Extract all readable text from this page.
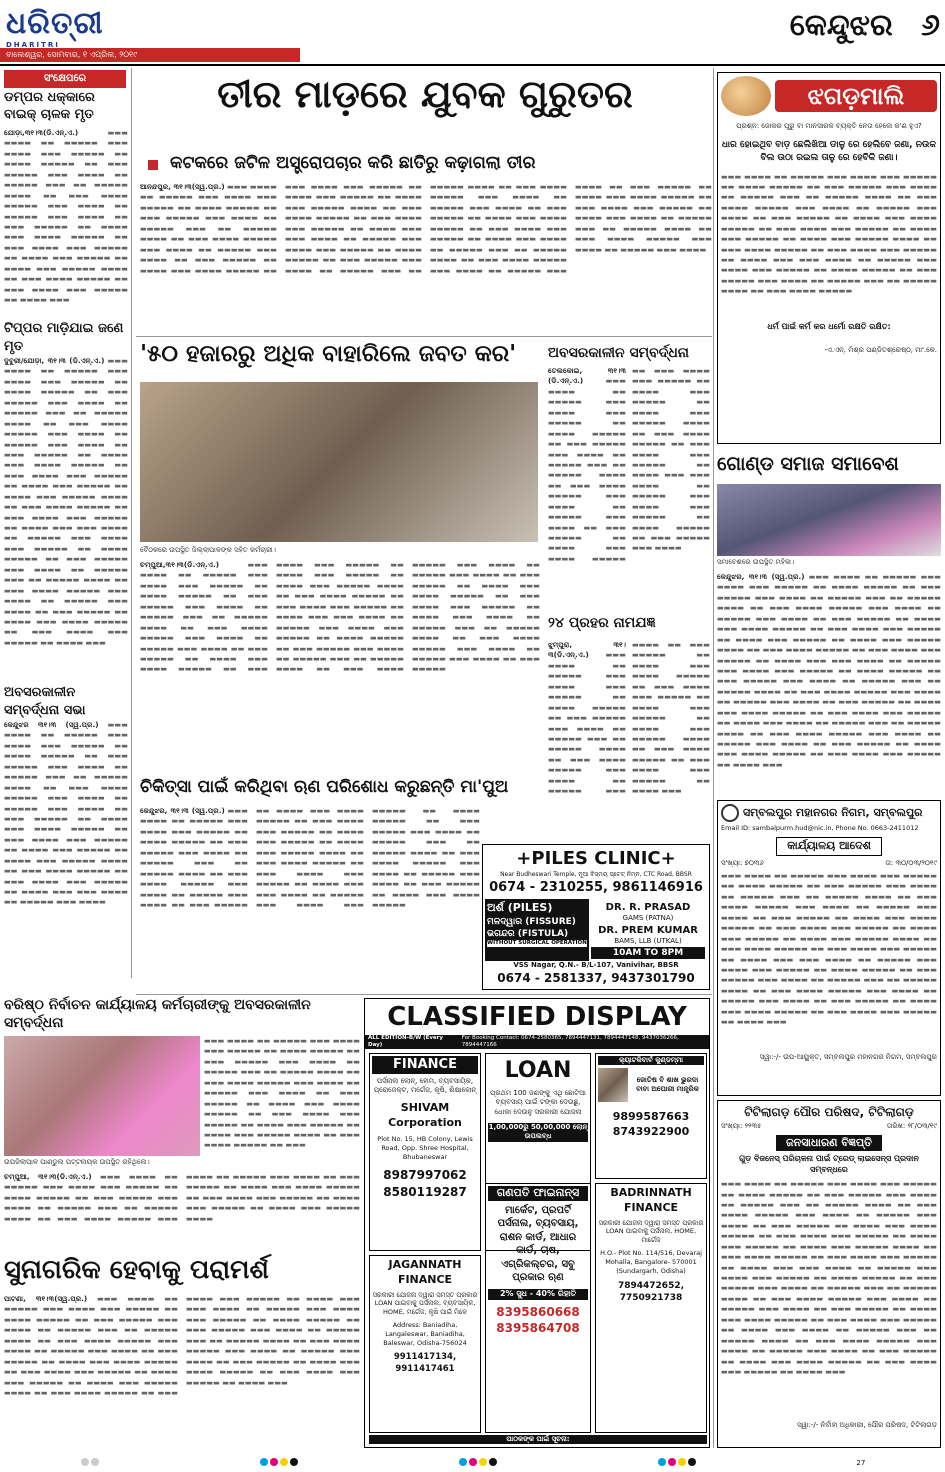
ଧରିତ୍ରୀ
DHARITRI
ବାଲେଶ୍ୱର, ସୋମବାର, ୧ ଏପ୍ରିଲ, ୨୦୧୯
କେନ୍ଦୁଝର ୬
ସଂକ୍ଷେପରେ
ଡମ୍ପର ଧକ୍କାରେ ବାଇକ୍ ଚାଳକ ମୃତ
ଯୋଡ଼ା,୩୧।୩(ଡି.ଏନ୍.ଏ.)	▬▬▬ ▬▬▬▬ ▬▬ ▬▬▬▬▬ ▬▬▬ ▬▬▬▬ ▬▬▬ ▬▬▬▬▬ ▬▬ ▬▬▬▬ ▬▬▬▬▬ ▬▬ ▬▬▬ ▬▬▬▬▬ ▬▬▬ ▬▬▬▬ ▬▬ ▬▬▬▬▬ ▬▬▬ ▬▬ ▬▬▬▬▬ ▬▬▬▬ ▬▬ ▬▬▬ ▬▬▬▬ ▬▬▬▬▬ ▬▬▬ ▬▬▬▬ ▬▬ ▬▬▬▬▬ ▬▬▬ ▬▬▬▬ ▬▬ ▬▬▬ ▬▬▬▬▬ ▬▬ ▬▬▬▬ ▬▬▬ ▬▬▬▬ ▬▬▬▬▬ ▬▬ ▬▬▬ ▬▬▬▬ ▬▬▬ ▬▬▬▬▬ ▬▬ ▬▬▬▬ ▬▬▬ ▬▬▬▬▬ ▬▬ ▬▬▬▬ ▬▬▬ ▬▬▬▬▬ ▬▬▬▬ ▬▬ ▬▬▬ ▬▬▬▬ ▬▬▬▬▬ ▬▬ ▬▬▬ ▬▬▬▬ ▬▬▬ ▬▬▬▬▬ ▬▬ ▬▬▬▬ ▬▬▬
ଟିପ୍ପର ମାଡ଼ିଯାଇ ଜଣେ ମୃତ
ଦୁବୁରୀ/ଯୋଡ଼ା, ୩୧।୩ (ଡି.ଏନ୍.ଏ.) ▬▬▬ ▬▬▬▬ ▬▬ ▬▬▬▬▬ ▬▬▬ ▬▬▬▬ ▬▬▬ ▬▬▬▬▬ ▬▬ ▬▬▬▬ ▬▬▬▬▬ ▬▬ ▬▬▬ ▬▬▬▬▬ ▬▬▬ ▬▬▬▬ ▬▬ ▬▬▬▬▬ ▬▬▬ ▬▬ ▬▬▬▬▬ ▬▬▬▬ ▬▬ ▬▬▬ ▬▬▬▬ ▬▬▬▬▬ ▬▬▬ ▬▬▬▬ ▬▬ ▬▬▬▬▬ ▬▬▬ ▬▬▬▬ ▬▬ ▬▬▬ ▬▬▬▬▬ ▬▬ ▬▬▬▬ ▬▬▬ ▬▬▬▬ ▬▬▬▬▬ ▬▬ ▬▬▬ ▬▬▬▬ ▬▬▬ ▬▬▬▬▬ ▬▬ ▬▬▬▬ ▬▬▬ ▬▬▬▬▬ ▬▬ ▬▬▬▬ ▬▬▬ ▬▬▬▬▬ ▬▬▬▬ ▬▬ ▬▬▬ ▬▬▬▬ ▬▬▬▬▬ ▬▬ ▬▬▬ ▬▬▬▬ ▬▬▬ ▬▬▬▬▬ ▬▬ ▬▬▬▬ ▬▬▬ ▬▬▬ ▬▬▬▬ ▬▬ ▬▬▬▬▬ ▬▬▬ ▬▬▬▬ ▬▬▬ ▬▬▬▬▬ ▬▬ ▬▬▬▬ ▬▬▬▬▬ ▬▬ ▬▬▬ ▬▬▬▬▬ ▬▬▬ ▬▬▬▬ ▬▬ ▬▬▬▬▬ ▬▬▬ ▬▬ ▬▬▬▬▬ ▬▬▬▬ ▬▬ ▬▬▬ ▬▬▬▬ ▬▬▬▬▬ ▬▬▬ ▬▬▬▬ ▬▬ ▬▬▬▬▬ ▬▬▬ ▬▬▬▬ ▬▬ ▬▬▬ ▬▬▬▬▬ ▬▬ ▬▬▬▬ ▬▬▬ ▬▬▬▬ ▬▬▬▬▬ ▬▬ ▬▬▬ ▬▬▬▬ ▬▬▬ ▬▬▬▬▬ ▬▬ ▬▬▬▬ ▬▬▬
ଅବସରକାଳୀନ ସମ୍ବର୍ଦ୍ଧନା ସଭା
କେନ୍ଦୁଝର ୩୧।୩ (ସ୍ୱ.ପ୍ର.) ▬▬▬ ▬▬▬▬ ▬▬ ▬▬▬▬▬ ▬▬▬ ▬▬▬▬ ▬▬▬ ▬▬▬▬▬ ▬▬ ▬▬▬▬ ▬▬▬▬▬ ▬▬ ▬▬▬ ▬▬▬▬▬ ▬▬▬ ▬▬▬▬ ▬▬ ▬▬▬▬▬ ▬▬▬ ▬▬ ▬▬▬▬▬ ▬▬▬▬ ▬▬ ▬▬▬ ▬▬▬▬ ▬▬▬▬▬ ▬▬▬ ▬▬▬▬ ▬▬ ▬▬▬▬▬ ▬▬▬ ▬▬▬▬ ▬▬ ▬▬▬ ▬▬▬▬▬ ▬▬ ▬▬▬▬ ▬▬▬ ▬▬▬▬ ▬▬▬▬▬ ▬▬ ▬▬▬ ▬▬▬▬ ▬▬▬ ▬▬▬▬▬ ▬▬ ▬▬▬▬ ▬▬▬ ▬▬▬▬▬ ▬▬ ▬▬▬▬ ▬▬▬ ▬▬▬▬▬ ▬▬▬▬ ▬▬ ▬▬▬ ▬▬▬▬ ▬▬▬▬▬ ▬▬ ▬▬▬ ▬▬▬▬ ▬▬▬ ▬▬▬▬▬ ▬▬ ▬▬▬▬ ▬▬▬ ▬▬▬ ▬▬▬▬ ▬▬ ▬▬▬▬▬ ▬▬▬ ▬▬▬▬
ତୀର ମାଡ଼ରେ ଯୁବକ ଗୁରୁତର
କଟକରେ ଜଟିଳ ଅସ୍ତ୍ରୋପଚାର କରି ଛାତିରୁ କଢ଼ାଗଲା ତୀର
ଆନନ୍ଦପୁର, ୩୧।୩(ସ୍ୱ.ପ୍ର.) ▬▬▬ ▬▬▬▬ ▬▬ ▬▬▬▬▬ ▬▬▬ ▬▬▬▬ ▬▬▬ ▬▬▬▬▬ ▬▬ ▬▬▬▬ ▬▬▬▬▬ ▬▬ ▬▬▬ ▬▬▬▬▬ ▬▬▬ ▬▬▬▬ ▬▬ ▬▬▬▬▬ ▬▬▬ ▬▬ ▬▬▬▬▬ ▬▬▬▬ ▬▬ ▬▬▬ ▬▬▬▬ ▬▬▬▬▬ ▬▬▬ ▬▬▬▬ ▬▬ ▬▬▬▬▬ ▬▬▬ ▬▬▬▬ ▬▬ ▬▬▬ ▬▬▬▬▬ ▬▬ ▬▬▬▬ ▬▬▬ ▬▬▬▬ ▬▬▬▬▬ ▬▬ ▬▬▬ ▬▬▬▬ ▬▬▬ ▬▬▬▬▬ ▬▬ ▬▬▬▬ ▬▬▬ ▬▬▬▬▬ ▬▬ ▬▬▬▬ ▬▬▬ ▬▬▬▬▬ ▬▬▬▬ ▬▬ ▬▬▬ ▬▬▬▬ ▬▬▬▬▬ ▬▬ ▬▬▬ ▬▬▬▬ ▬▬▬ ▬▬▬▬▬ ▬▬ ▬▬▬▬ ▬▬▬ ▬▬▬ ▬▬▬▬ ▬▬ ▬▬▬▬▬ ▬▬▬ ▬▬▬▬ ▬▬▬ ▬▬▬▬▬ ▬▬ ▬▬▬▬ ▬▬▬▬▬ ▬▬ ▬▬▬ ▬▬▬▬▬ ▬▬▬ ▬▬▬▬ ▬▬ ▬▬▬▬▬ ▬▬▬ ▬▬ ▬▬▬▬▬ ▬▬▬▬ ▬▬ ▬▬▬ ▬▬▬▬ ▬▬▬▬▬ ▬▬▬ ▬▬▬▬ ▬▬ ▬▬▬▬▬ ▬▬▬ ▬▬▬▬ ▬▬ ▬▬▬ ▬▬▬▬▬ ▬▬ ▬▬▬▬ ▬▬▬ ▬▬▬▬ ▬▬▬▬▬ ▬▬ ▬▬▬ ▬▬▬▬ ▬▬▬ ▬▬▬▬▬ ▬▬ ▬▬▬▬ ▬▬▬ ▬▬▬▬ ▬▬ ▬▬▬▬▬ ▬▬▬ ▬▬ ▬▬▬▬▬ ▬▬▬▬ ▬▬ ▬▬▬ ▬▬▬▬ ▬▬▬▬▬ ▬▬▬ ▬▬▬▬ ▬▬ ▬▬▬▬▬ ▬▬▬ ▬▬▬▬ ▬▬ ▬▬▬ ▬▬▬▬▬ ▬▬ ▬▬▬▬ ▬▬▬ ▬▬▬▬ ▬▬▬▬▬ ▬▬ ▬▬▬ ▬▬▬▬ ▬▬▬ ▬▬▬▬▬ ▬▬ ▬▬▬▬ ▬▬▬ ▬▬▬▬ ▬▬ ▬▬▬▬▬ ▬▬▬ ▬▬ ▬▬▬▬▬ ▬▬▬▬ ▬▬ ▬▬▬ ▬▬▬▬ ▬▬▬▬▬ ▬▬▬ ▬▬▬▬ ▬▬ ▬▬▬▬▬ ▬▬▬ ▬▬▬▬
'୫୦ ହଜାରରୁ ଅଧିକ ବାହାରିଲେ ଜବତ କର'
ବୈଠକରେ ଉପସ୍ଥିତ ଜିଲ୍ଲାପାଳଙ୍କ ସହିତ କର୍ମଚାରୀ।
ଚମ୍ପୁଆ,୩୧।୩(ଡି.ଏନ୍.ଏ.)	▬▬▬ ▬▬▬▬ ▬▬ ▬▬▬▬▬ ▬▬▬ ▬▬▬▬ ▬▬▬ ▬▬▬▬▬ ▬▬ ▬▬▬▬ ▬▬▬▬▬ ▬▬ ▬▬▬ ▬▬▬▬▬ ▬▬▬ ▬▬▬▬ ▬▬ ▬▬▬▬▬ ▬▬▬ ▬▬ ▬▬▬▬▬ ▬▬▬▬ ▬▬ ▬▬▬ ▬▬▬▬ ▬▬▬▬▬ ▬▬▬ ▬▬▬▬ ▬▬ ▬▬▬▬▬ ▬▬▬ ▬▬▬▬ ▬▬ ▬▬▬ ▬▬▬▬▬ ▬▬ ▬▬▬▬ ▬▬▬ ▬▬▬▬ ▬▬▬▬▬ ▬▬ ▬▬▬ ▬▬▬▬ ▬▬▬ ▬▬▬▬▬ ▬▬ ▬▬▬▬ ▬▬▬ ▬▬▬▬▬ ▬▬ ▬▬▬▬ ▬▬▬ ▬▬▬▬▬ ▬▬▬▬ ▬▬ ▬▬▬ ▬▬▬▬ ▬▬▬▬▬ ▬▬ ▬▬▬ ▬▬▬▬ ▬▬▬ ▬▬▬▬▬ ▬▬ ▬▬▬▬ ▬▬▬ ▬▬▬ ▬▬▬▬ ▬▬ ▬▬▬▬▬ ▬▬▬ ▬▬▬▬ ▬▬▬ ▬▬▬▬▬ ▬▬ ▬▬▬▬ ▬▬▬▬▬ ▬▬ ▬▬▬ ▬▬▬▬▬ ▬▬▬ ▬▬▬▬ ▬▬ ▬▬▬▬▬ ▬▬▬ ▬▬ ▬▬▬▬▬ ▬▬▬▬ ▬▬ ▬▬▬ ▬▬▬▬ ▬▬▬▬▬ ▬▬▬ ▬▬▬▬ ▬▬ ▬▬▬▬▬ ▬▬▬ ▬▬▬▬ ▬▬ ▬▬▬ ▬▬▬▬▬ ▬▬ ▬▬▬▬ ▬▬▬ ▬▬▬▬ ▬▬▬▬▬ ▬▬ ▬▬▬ ▬▬▬▬ ▬▬▬ ▬▬▬▬▬ ▬▬ ▬▬▬▬ ▬▬▬ ▬▬▬▬ ▬▬ ▬▬▬▬▬ ▬▬▬ ▬▬ ▬▬▬▬▬ ▬▬▬▬ ▬▬ ▬▬▬ ▬▬▬▬ ▬▬▬▬▬ ▬▬▬ ▬▬▬▬ ▬▬ ▬▬▬▬▬ ▬▬▬ ▬▬▬▬ ▬▬ ▬▬▬ ▬▬▬▬▬
ଅବସରକାଳୀନ ସମ୍ବର୍ଦ୍ଧନା
ତେଲକୋଇ, ୩୧।୩ (ଡି.ଏନ୍.ଏ.)	▬▬▬ ▬▬▬▬ ▬▬ ▬▬▬▬▬ ▬▬▬ ▬▬▬▬ ▬▬▬ ▬▬▬▬▬ ▬▬ ▬▬▬▬ ▬▬▬▬▬ ▬▬ ▬▬▬ ▬▬▬▬▬ ▬▬▬ ▬▬▬▬ ▬▬ ▬▬▬▬▬ ▬▬▬ ▬▬ ▬▬▬▬▬ ▬▬▬▬ ▬▬ ▬▬▬ ▬▬▬▬ ▬▬▬▬▬ ▬▬▬ ▬▬▬▬ ▬▬ ▬▬▬▬▬ ▬▬▬ ▬▬▬▬ ▬▬ ▬▬▬ ▬▬▬▬▬ ▬▬ ▬▬▬▬ ▬▬▬ ▬▬▬▬ ▬▬▬▬▬ ▬▬ ▬▬▬ ▬▬▬▬ ▬▬▬ ▬▬▬▬▬ ▬▬ ▬▬▬▬ ▬▬▬ ▬▬▬▬▬ ▬▬ ▬▬▬▬ ▬▬▬ ▬▬▬▬▬ ▬▬▬▬ ▬▬ ▬▬▬ ▬▬▬▬ ▬▬▬▬▬ ▬▬ ▬▬▬ ▬▬▬▬ ▬▬▬ ▬▬▬▬▬ ▬▬ ▬▬▬▬ ▬▬▬ ▬▬▬ ▬▬▬▬ ▬▬ ▬▬▬▬▬ ▬▬▬ ▬▬▬▬ ▬▬▬ ▬▬▬▬▬ ▬▬ ▬▬▬▬ ▬▬▬▬▬ ▬▬ ▬▬▬ ▬▬▬▬▬ ▬▬▬ ▬▬▬▬
୨୪ ପ୍ରହର ନାମଯଜ୍ଞ
ଝୁମ୍ପୁରା, ୩୧।୩(ଡି.ଏନ୍.ଏ.) ▬▬▬ ▬▬▬▬ ▬▬ ▬▬▬▬▬ ▬▬▬ ▬▬▬▬ ▬▬▬ ▬▬▬▬▬ ▬▬ ▬▬▬▬ ▬▬▬▬▬ ▬▬ ▬▬▬ ▬▬▬▬▬ ▬▬▬ ▬▬▬▬ ▬▬ ▬▬▬▬▬ ▬▬▬ ▬▬ ▬▬▬▬▬ ▬▬▬▬ ▬▬ ▬▬▬ ▬▬▬▬ ▬▬▬▬▬ ▬▬▬ ▬▬▬▬ ▬▬ ▬▬▬▬▬ ▬▬▬ ▬▬▬▬ ▬▬ ▬▬▬ ▬▬▬▬▬ ▬▬ ▬▬▬▬ ▬▬▬ ▬▬▬▬ ▬▬▬▬▬ ▬▬ ▬▬▬ ▬▬▬▬ ▬▬▬ ▬▬▬▬▬ ▬▬ ▬▬▬▬ ▬▬▬ ▬▬▬▬▬ ▬▬ ▬▬▬▬ ▬▬▬ ▬▬▬▬▬ ▬▬▬▬ ▬▬ ▬▬▬ ▬▬▬▬ ▬▬▬▬▬ ▬▬ ▬▬▬ ▬▬▬▬ ▬▬▬ ▬▬▬▬▬ ▬▬ ▬▬▬▬ ▬▬▬
ଚିକିତ୍ସା ପାଇଁ କରିଥିବା ଋଣ ପରିଶୋଧ କରୁଛନ୍ତି ମା'ପୁଅ
କେନ୍ଦୁଝର, ୩୧।୩ (ସ୍ୱ.ପ୍ର.) ▬▬▬ ▬▬▬▬ ▬▬ ▬▬▬▬▬ ▬▬▬ ▬▬▬▬ ▬▬▬ ▬▬▬▬▬ ▬▬ ▬▬▬▬ ▬▬▬▬▬ ▬▬ ▬▬▬ ▬▬▬▬▬ ▬▬▬ ▬▬▬▬ ▬▬ ▬▬▬▬▬ ▬▬▬ ▬▬ ▬▬▬▬▬ ▬▬▬▬ ▬▬ ▬▬▬ ▬▬▬▬ ▬▬▬▬▬ ▬▬▬ ▬▬▬▬ ▬▬ ▬▬▬▬▬ ▬▬▬ ▬▬▬▬ ▬▬ ▬▬▬ ▬▬▬▬▬ ▬▬ ▬▬▬▬ ▬▬▬ ▬▬▬▬ ▬▬▬▬▬ ▬▬ ▬▬▬ ▬▬▬▬ ▬▬▬ ▬▬▬▬▬ ▬▬ ▬▬▬▬ ▬▬▬ ▬▬▬▬▬ ▬▬ ▬▬▬▬ ▬▬▬ ▬▬▬▬▬ ▬▬▬▬ ▬▬ ▬▬▬ ▬▬▬▬ ▬▬▬▬▬ ▬▬ ▬▬▬ ▬▬▬▬ ▬▬▬ ▬▬▬▬▬ ▬▬ ▬▬▬▬ ▬▬▬ ▬▬▬ ▬▬▬▬ ▬▬ ▬▬▬▬▬ ▬▬▬ ▬▬▬▬ ▬▬▬ ▬▬▬▬▬ ▬▬ ▬▬▬▬ ▬▬▬▬▬ ▬▬ ▬▬▬ ▬▬▬▬▬ ▬▬▬ ▬▬▬▬ ▬▬ ▬▬▬▬▬ ▬▬▬ ▬▬ ▬▬▬▬▬ ▬▬▬▬ ▬▬ ▬▬▬ ▬▬▬▬ ▬▬▬▬▬ ▬▬▬ ▬▬▬▬ ▬▬ ▬▬▬▬▬ ▬▬▬ ▬▬▬▬ ▬▬ ▬▬▬ ▬▬▬▬▬ ▬▬ ▬▬▬▬ ▬▬▬ ▬▬▬▬ ▬▬▬▬▬
+PILES CLINIC+
Near Budheswari Temple, ନୂଆ ବିସ୍ମୟ ସ୍ଟେଟ୍ ନିମ୍ନ, CTC Road, BBSR
0674 - 2310255, 9861146916
ଅର୍ଶ (PILES)
ମଳଦ୍ୱାର (FISSURE)
ଭଗନ୍ଦର (FISTULA)
WITHOUT SURGICAL OPERATION
DR. R. PRASAD
GAMS (PATNA)
DR. PREM KUMAR
BAMS, LLB (UTKAL)
10AM TO 8PM
VSS Nagar, Q.N.- B/L-107, Vanivihar, BBSR
0674 - 2581337, 9437301790
ବରିଷ୍ଠ ନିର୍ବାଚନ କାର୍ଯ୍ୟାଳୟ କର୍ମଚାରୀଙ୍କୁ ଅବସରକାଳୀନ ସମ୍ବର୍ଦ୍ଧନା
ଉପଜିଲାପାଳ ପାଣ୍ଡୁଲ ପଟ୍ଟନାୟକ ଉପସ୍ଥିତ ରହିଥିଲେ।
▬▬▬ ▬▬▬▬ ▬▬ ▬▬▬▬▬ ▬▬▬ ▬▬▬▬ ▬▬▬ ▬▬▬▬▬ ▬▬ ▬▬▬▬ ▬▬▬▬▬ ▬▬ ▬▬▬ ▬▬▬▬▬ ▬▬▬ ▬▬▬▬ ▬▬ ▬▬▬▬▬ ▬▬▬ ▬▬ ▬▬▬▬▬ ▬▬▬▬ ▬▬ ▬▬▬ ▬▬▬▬ ▬▬▬▬▬ ▬▬▬ ▬▬▬▬ ▬▬ ▬▬▬▬▬ ▬▬▬ ▬▬▬▬ ▬▬ ▬▬▬ ▬▬▬▬▬ ▬▬ ▬▬▬▬ ▬▬▬ ▬▬▬▬ ▬▬▬▬▬ ▬▬ ▬▬▬ ▬▬▬▬ ▬▬▬ ▬▬▬▬▬ ▬▬ ▬▬▬▬ ▬▬▬ ▬▬▬▬▬ ▬▬ ▬▬▬▬ ▬▬▬ ▬▬▬▬▬ ▬▬▬▬ ▬▬ ▬▬▬ ▬▬▬▬ ▬▬▬▬▬ ▬▬ ▬▬▬
ଚମ୍ପୁଆ, ୩୧।୩(ଡି.ଏନ୍.ଏ.) ▬▬▬ ▬▬▬▬ ▬▬ ▬▬▬▬▬ ▬▬▬ ▬▬▬▬ ▬▬▬ ▬▬▬▬▬ ▬▬ ▬▬▬▬ ▬▬▬▬▬ ▬▬ ▬▬▬ ▬▬▬▬▬ ▬▬▬ ▬▬▬▬ ▬▬ ▬▬▬▬▬ ▬▬▬ ▬▬ ▬▬▬▬▬ ▬▬▬▬ ▬▬ ▬▬▬ ▬▬▬▬ ▬▬▬▬▬ ▬▬▬ ▬▬▬▬ ▬▬ ▬▬▬▬▬ ▬▬▬ ▬▬▬▬ ▬▬ ▬▬▬ ▬▬▬▬▬ ▬▬ ▬▬▬▬ ▬▬▬ ▬▬▬▬ ▬▬▬▬▬ ▬▬ ▬▬▬ ▬▬▬▬ ▬▬▬ ▬▬▬▬▬ ▬▬ ▬▬▬▬ ▬▬▬ ▬▬▬▬▬ ▬▬ ▬▬▬▬ ▬▬▬ ▬▬▬▬▬ ▬▬▬▬
ସୁନାଗରିକ ହେବାକୁ ପରାମର୍ଶ
ପାଟଣା, ୩୧।୩(ସ୍ୱ.ପ୍ର.) ▬▬▬ ▬▬▬▬ ▬▬ ▬▬▬▬▬ ▬▬▬ ▬▬▬▬ ▬▬▬ ▬▬▬▬▬ ▬▬ ▬▬▬▬ ▬▬▬▬▬ ▬▬ ▬▬▬ ▬▬▬▬▬ ▬▬▬ ▬▬▬▬ ▬▬ ▬▬▬▬▬ ▬▬▬ ▬▬ ▬▬▬▬▬ ▬▬▬▬ ▬▬ ▬▬▬ ▬▬▬▬ ▬▬▬▬▬ ▬▬▬ ▬▬▬▬ ▬▬ ▬▬▬▬▬ ▬▬▬ ▬▬▬▬ ▬▬ ▬▬▬ ▬▬▬▬▬ ▬▬ ▬▬▬▬ ▬▬▬ ▬▬▬▬ ▬▬▬▬▬ ▬▬ ▬▬▬ ▬▬▬▬ ▬▬▬ ▬▬▬▬▬ ▬▬ ▬▬▬▬ ▬▬▬ ▬▬▬▬▬ ▬▬ ▬▬▬▬ ▬▬▬ ▬▬▬▬▬ ▬▬▬▬ ▬▬ ▬▬▬ ▬▬▬▬ ▬▬▬▬▬ ▬▬ ▬▬▬ ▬▬▬▬ ▬▬▬ ▬▬▬▬▬ ▬▬ ▬▬▬▬ ▬▬▬ ▬▬▬ ▬▬▬▬ ▬▬ ▬▬▬▬▬ ▬▬▬ ▬▬▬▬ ▬▬▬ ▬▬▬▬▬ ▬▬ ▬▬▬▬ ▬▬▬▬▬ ▬▬ ▬▬▬ ▬▬▬▬▬ ▬▬▬ ▬▬▬▬ ▬▬ ▬▬▬▬▬ ▬▬▬ ▬▬ ▬▬▬▬▬ ▬▬▬▬ ▬▬ ▬▬▬ ▬▬▬▬ ▬▬▬▬▬ ▬▬▬ ▬▬▬▬ ▬▬ ▬▬▬▬▬ ▬▬▬ ▬▬▬▬ ▬▬ ▬▬▬ ▬▬▬▬▬ ▬▬ ▬▬▬▬ ▬▬▬ ▬▬▬▬ ▬▬▬▬▬ ▬▬ ▬▬▬ ▬▬▬▬ ▬▬▬ ▬▬▬▬▬ ▬▬ ▬▬▬▬ ▬▬▬
CLASSIFIED DISPLAY
ALL EDITION-B/W (Every Day)
For Booking Contact: 0674-2580365, 7894447131, 7894447148, 9437036266, 7894447166
FINANCE
ପର୍ସନାଲ ଲୋନ୍, ହୋମ, ବ୍ୟବସାୟିକ, ପ୍ରୋଜେକ୍ଟ, ମର୍ଗେଜ, କୃଷି, ଶିକ୍ଷାଲୋନ୍
SHIVAM Corporation
Plot No. 15, HB Colony, Lewis Road, Opp. Shree Hospital, Bhubaneswar
8987997062 8580119287
LOAN
ପ୍ରଥମ 100 ଜଣଙ୍କୁ ଏଥି ଛୋଟିଆ ବ୍ୟବସାୟ ପାଇଁ ଟଙ୍କା ଦେଉଛୁ, ଧୋକା ଦେଉନୁ ସରକାରୀ ଯୋଜନା
1,00,000ରୁ 50,00,000 ଲୋନ୍ ଉପଲବ୍ଧ
କ୍ୟାଟକିବାର୍ବ କୁଣ୍ଡମ୍ମା
ଜୋତିଷ ବି ଶାଖ ଭୁରଦା ବାବା ଅଘୋରୀ ମାନ୍ତ୍ରିକ
9899587663 8743922900
JAGANNATH FINANCE
ସରକାରୀ ଯୋଜନା ଦ୍ୱାରା ସମସ୍ତ ପ୍ରକାର LOAN ପାଇବାକୁ ପର୍ସନାଲ, ବ୍ୟବସାୟିକ, HOME, ମର୍ଗେଜ, କୃଷି ପାଇଁ ମିଳେ
Address: Baniadiha, Langaleswar, Baniadiha, Baleswar, Odisha-756024
9911417134, 9911417461
ଗଣପତି ଫାଇନାନ୍ସ
ମାର୍କେଟ, ପ୍ରପର୍ଟି ପର୍ସନାଲ, ବ୍ୟବସାୟ, ରାଶନ କାର୍ଡ, ଆଧାର କାର୍ଡ, ଚାଷ, ଏଗ୍ରିକଲ୍ଚର, ସବୁ ପ୍ରକାର ଋଣ
2% ସୁଧ - 40% ରିହାତି
8395860668 8395864708
BADRINNATH FINANCE
ସରକାରୀ ଯୋଜନା ଦ୍ୱାରା ସମସ୍ତ ପ୍ରକାର LOAN ପାଇବାକୁ ପର୍ସନାଲ, HOME, ମାର୍ଗେଜ
H.O.- Plot No. 114/516, Devaraj Mohalla, Bangalore- 570001 (Sundargarh, Odisha)
7894472652, 7750921738
ପାଠକଙ୍କ ପାଇଁ ସୂଚନା:
ଝଗଡ଼ମାଲି
ପ୍ରଶ୍ନ: ଜୋକର ପୂରୁ ବା ମାନସାରକ ବ୍ୟକ୍ତି ନେତା ହେଲେ କ'ଣ ହୁଏ?
ଧାର ହୋଇଥିବ ବାଡ଼ ଛେଲିଖିଆ ଡାଳୁ ରେ ହେଲିବେ ଜଣା, ନଉକ ବିଲ ଉଠା ରଇଲ ତାଳୁ ରେ ହେବିକି ଜଣା।
▬▬▬ ▬▬▬▬ ▬▬ ▬▬▬▬▬ ▬▬▬ ▬▬▬▬ ▬▬▬ ▬▬▬▬▬ ▬▬ ▬▬▬▬ ▬▬▬▬▬ ▬▬ ▬▬▬ ▬▬▬▬▬ ▬▬▬ ▬▬▬▬ ▬▬ ▬▬▬▬▬ ▬▬▬ ▬▬ ▬▬▬▬▬ ▬▬▬▬ ▬▬ ▬▬▬ ▬▬▬▬ ▬▬▬▬▬ ▬▬▬ ▬▬▬▬ ▬▬ ▬▬▬▬▬ ▬▬▬ ▬▬▬▬ ▬▬ ▬▬▬ ▬▬▬▬▬ ▬▬ ▬▬▬▬ ▬▬▬ ▬▬▬▬ ▬▬▬▬▬ ▬▬ ▬▬▬ ▬▬▬▬ ▬▬▬ ▬▬▬▬▬ ▬▬ ▬▬▬▬ ▬▬▬ ▬▬▬▬▬ ▬▬ ▬▬▬▬ ▬▬▬ ▬▬▬▬▬ ▬▬▬▬ ▬▬ ▬▬▬ ▬▬▬▬ ▬▬▬▬▬ ▬▬ ▬▬▬ ▬▬▬▬ ▬▬▬ ▬▬▬▬▬ ▬▬ ▬▬▬▬ ▬▬▬ ▬▬▬ ▬▬▬▬ ▬▬ ▬▬▬▬▬ ▬▬▬ ▬▬▬▬ ▬▬▬ ▬▬▬▬▬ ▬▬ ▬▬▬▬ ▬▬▬▬▬ ▬▬ ▬▬▬ ▬▬▬▬▬ ▬▬▬ ▬▬▬▬ ▬▬ ▬▬▬▬▬ ▬▬▬ ▬▬ ▬▬▬▬▬ ▬▬▬▬ ▬▬ ▬▬▬ ▬▬▬▬ ▬▬▬▬▬
ଧର୍ମ ପାଇଁ କର୍ମ କର ଧର୍ମୋ ରକ୍ଷତି ରକ୍ଷିତ:
-ଏ.ଏନ୍. ମିଶ୍ର ପଣ୍ଡିତଶ୍ରେଷ୍ଠ, ମାଂ.କେ.
ଗୋଣ୍ଡ ସମାଜ ସମାବେଶ
ସମାବେଶରେ ଉପସ୍ଥିତ ମହିଳା।
କେନ୍ଦୁଝର, ୩୧।୩ (ସ୍ୱ.ପ୍ର.) ▬▬▬ ▬▬▬▬ ▬▬ ▬▬▬▬▬ ▬▬▬ ▬▬▬▬ ▬▬▬ ▬▬▬▬▬ ▬▬ ▬▬▬▬ ▬▬▬▬▬ ▬▬ ▬▬▬ ▬▬▬▬▬ ▬▬▬ ▬▬▬▬ ▬▬ ▬▬▬▬▬ ▬▬▬ ▬▬ ▬▬▬▬▬ ▬▬▬▬ ▬▬ ▬▬▬ ▬▬▬▬ ▬▬▬▬▬ ▬▬▬ ▬▬▬▬ ▬▬ ▬▬▬▬▬ ▬▬▬ ▬▬▬▬ ▬▬ ▬▬▬ ▬▬▬▬▬ ▬▬ ▬▬▬▬ ▬▬▬ ▬▬▬▬ ▬▬▬▬▬ ▬▬ ▬▬▬ ▬▬▬▬ ▬▬▬ ▬▬▬▬▬ ▬▬ ▬▬▬▬ ▬▬▬ ▬▬▬▬▬ ▬▬ ▬▬▬▬ ▬▬▬ ▬▬▬▬▬ ▬▬▬▬ ▬▬ ▬▬▬ ▬▬▬▬ ▬▬▬▬▬ ▬▬ ▬▬▬ ▬▬▬▬ ▬▬▬ ▬▬▬▬▬ ▬▬ ▬▬▬▬ ▬▬▬ ▬▬▬ ▬▬▬▬ ▬▬ ▬▬▬▬▬ ▬▬▬ ▬▬▬▬ ▬▬▬ ▬▬▬▬▬ ▬▬ ▬▬▬▬ ▬▬▬▬▬ ▬▬ ▬▬▬ ▬▬▬▬▬ ▬▬▬ ▬▬▬▬ ▬▬ ▬▬▬▬▬ ▬▬▬ ▬▬ ▬▬▬▬▬ ▬▬▬▬ ▬▬ ▬▬▬ ▬▬▬▬ ▬▬▬▬▬ ▬▬▬ ▬▬▬▬ ▬▬ ▬▬▬▬▬ ▬▬▬ ▬▬▬▬ ▬▬ ▬▬▬ ▬▬▬▬▬ ▬▬ ▬▬▬▬ ▬▬▬ ▬▬▬▬ ▬▬▬▬▬ ▬▬ ▬▬▬ ▬▬▬▬ ▬▬▬ ▬▬▬▬▬ ▬▬ ▬▬▬▬ ▬▬▬ ▬▬▬▬ ▬▬ ▬▬▬▬▬ ▬▬▬ ▬▬ ▬▬▬▬▬ ▬▬▬▬ ▬▬ ▬▬▬ ▬▬▬▬ ▬▬▬▬▬ ▬▬▬ ▬▬▬▬ ▬▬ ▬▬▬▬▬ ▬▬▬ ▬▬▬▬ ▬▬ ▬▬▬ ▬▬▬▬▬ ▬▬ ▬▬▬▬ ▬▬▬ ▬▬▬▬ ▬▬▬▬▬ ▬▬ ▬▬▬ ▬▬▬▬ ▬▬▬ ▬▬▬▬▬ ▬▬ ▬▬▬▬ ▬▬▬
ସମ୍ବଲପୁର ମହାନଗର ନିଗମ, ସମ୍ବଲପୁର
Email ID: sambalpurm.hud@nic.in, Phone No. 0663-2411012
କାର୍ଯ୍ୟାଳୟ ଆଦେଶ
ସଂଖ୍ୟା: ୭୦୩୬	ତା: ୩୦/୦୩/୨୦୧୯
▬▬▬ ▬▬▬▬ ▬▬ ▬▬▬▬▬ ▬▬▬ ▬▬▬▬ ▬▬▬ ▬▬▬▬▬ ▬▬ ▬▬▬▬ ▬▬▬▬▬ ▬▬ ▬▬▬ ▬▬▬▬▬ ▬▬▬ ▬▬▬▬ ▬▬ ▬▬▬▬▬ ▬▬▬ ▬▬ ▬▬▬▬▬ ▬▬▬▬ ▬▬ ▬▬▬ ▬▬▬▬ ▬▬▬▬▬ ▬▬▬ ▬▬▬▬ ▬▬ ▬▬▬▬▬ ▬▬▬ ▬▬▬▬ ▬▬ ▬▬▬ ▬▬▬▬▬ ▬▬ ▬▬▬▬ ▬▬▬ ▬▬▬▬ ▬▬▬▬▬ ▬▬ ▬▬▬ ▬▬▬▬ ▬▬▬ ▬▬▬▬▬ ▬▬ ▬▬▬▬ ▬▬▬ ▬▬▬▬▬ ▬▬ ▬▬▬▬ ▬▬▬ ▬▬▬▬▬ ▬▬▬▬ ▬▬ ▬▬▬ ▬▬▬▬ ▬▬▬▬▬ ▬▬ ▬▬▬ ▬▬▬▬ ▬▬▬ ▬▬▬▬▬ ▬▬ ▬▬▬▬ ▬▬▬ ▬▬▬ ▬▬▬▬ ▬▬ ▬▬▬▬▬ ▬▬▬ ▬▬▬▬ ▬▬▬ ▬▬▬▬▬ ▬▬ ▬▬▬▬ ▬▬▬▬▬ ▬▬ ▬▬▬ ▬▬▬▬▬ ▬▬▬ ▬▬▬▬ ▬▬ ▬▬▬▬▬ ▬▬▬ ▬▬ ▬▬▬▬▬ ▬▬▬▬ ▬▬ ▬▬▬ ▬▬▬▬ ▬▬▬▬▬ ▬▬▬ ▬▬▬▬ ▬▬ ▬▬▬▬▬ ▬▬▬ ▬▬▬▬ ▬▬ ▬▬▬ ▬▬▬▬▬ ▬▬ ▬▬▬▬ ▬▬▬ ▬▬▬▬ ▬▬▬▬▬ ▬▬ ▬▬▬ ▬▬▬▬ ▬▬▬ ▬▬▬▬▬ ▬▬ ▬▬▬▬ ▬▬▬
ସ୍ୱା:-/- ଉପ-ଆୟୁକ୍ତ, ସମ୍ବଲପୁର ମହାନଗର ନିଗମ, ସମ୍ବଲପୁର
ଟିଟିଲାଗଡ଼ ପୌର ପରିଷଦ, ଟିଟିଲାଗଡ଼
ସଂଖ୍ୟା: ୨୨୩୫	ତାରିଖ: ୨୮/୦୩/୧୯
ଜନସାଧାରଣ ବିଜ୍ଞପ୍ତି
ଗୁଡ଼ ବିଜନେସ୍ ପରିଚାଳନା ପାଇଁ ଟ୍ରେଡ୍ ଲାଇସେନ୍ସ ପ୍ରଦାନ ସମ୍ବନ୍ଧରେ
▬▬▬ ▬▬▬▬ ▬▬ ▬▬▬▬▬ ▬▬▬ ▬▬▬▬ ▬▬▬ ▬▬▬▬▬ ▬▬ ▬▬▬▬ ▬▬▬▬▬ ▬▬ ▬▬▬ ▬▬▬▬▬ ▬▬▬ ▬▬▬▬ ▬▬ ▬▬▬▬▬ ▬▬▬ ▬▬ ▬▬▬▬▬ ▬▬▬▬ ▬▬ ▬▬▬ ▬▬▬▬ ▬▬▬▬▬ ▬▬▬ ▬▬▬▬ ▬▬ ▬▬▬▬▬ ▬▬▬ ▬▬▬▬ ▬▬ ▬▬▬ ▬▬▬▬▬ ▬▬ ▬▬▬▬ ▬▬▬ ▬▬▬▬ ▬▬▬▬▬ ▬▬ ▬▬▬ ▬▬▬▬ ▬▬▬ ▬▬▬▬▬ ▬▬ ▬▬▬▬ ▬▬▬ ▬▬▬▬▬ ▬▬ ▬▬▬▬ ▬▬▬ ▬▬▬▬▬ ▬▬▬▬ ▬▬ ▬▬▬ ▬▬▬▬ ▬▬▬▬▬ ▬▬ ▬▬▬ ▬▬▬▬ ▬▬▬ ▬▬▬▬▬ ▬▬ ▬▬▬▬ ▬▬▬ ▬▬▬ ▬▬▬▬ ▬▬ ▬▬▬▬▬ ▬▬▬ ▬▬▬▬ ▬▬▬ ▬▬▬▬▬ ▬▬ ▬▬▬▬ ▬▬▬▬▬ ▬▬ ▬▬▬ ▬▬▬▬▬ ▬▬▬ ▬▬▬▬ ▬▬ ▬▬▬▬▬ ▬▬▬ ▬▬ ▬▬▬▬▬ ▬▬▬▬ ▬▬ ▬▬▬ ▬▬▬▬ ▬▬▬▬▬ ▬▬▬ ▬▬▬▬ ▬▬ ▬▬▬▬▬ ▬▬▬ ▬▬▬▬ ▬▬ ▬▬▬ ▬▬▬▬▬ ▬▬ ▬▬▬▬ ▬▬▬ ▬▬▬▬ ▬▬▬▬▬ ▬▬ ▬▬▬ ▬▬▬▬ ▬▬▬ ▬▬▬▬▬ ▬▬ ▬▬▬▬ ▬▬▬ ▬▬▬▬ ▬▬ ▬▬▬▬▬ ▬▬▬ ▬▬ ▬▬▬▬▬ ▬▬▬▬ ▬▬ ▬▬▬ ▬▬▬▬ ▬▬▬▬▬ ▬▬▬ ▬▬▬▬ ▬▬ ▬▬▬▬▬ ▬▬▬ ▬▬▬▬ ▬▬ ▬▬▬ ▬▬▬▬▬ ▬▬ ▬▬▬▬ ▬▬▬ ▬▬▬▬ ▬▬▬▬▬ ▬▬ ▬▬▬ ▬▬▬▬ ▬▬▬ ▬▬▬▬▬ ▬▬ ▬▬▬▬ ▬▬▬
ସ୍ୱା:-/- ନିର୍ବାହୀ ଅଧିକାରୀ, ପୌର ପରିଷଦ, ଟିଟିଲାଗଡ଼
27
